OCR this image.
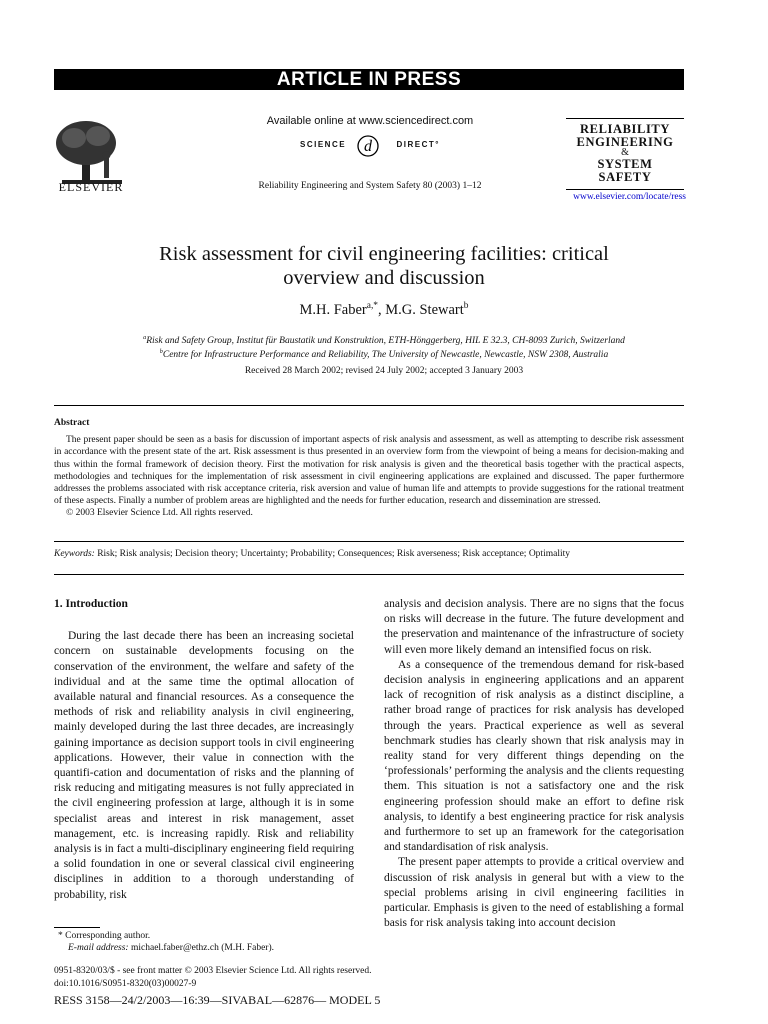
ARTICLE IN PRESS
ELSEVIER
Available online at www.sciencedirect.com
SCIENCE d	DIRECT°
Reliability Engineering and System Safety 80 (2003) 1–12
RELIABILITY
ENGINEERING
&
SYSTEM
SAFETY
www.elsevier.com/locate/ress
Risk assessment for civil engineering facilities: critical
overview and discussion
M.H. Faber$^{a,*}$, M.G. Stewart$^b$
$^a$Risk and Safety Group, Institut für Baustatik und Konstruktion, ETH-Hönggerberg, HIL E 32.3, CH-8093 Zurich, Switzerland
$^b$Centre for Infrastructure Performance and Reliability, The University of Newcastle, Newcastle, NSW 2308, Australia
Received 28 March 2002; revised 24 July 2002; accepted 3 January 2003
Abstract

The present paper should be seen as a basis for discussion of important aspects of risk analysis and assessment, as well as attempting to describe risk assessment in accordance with the present state of the art. Risk assessment is thus presented in an overview form from the viewpoint of being a means for decision-making and thus within the formal framework of decision theory. First the motivation for risk analysis is given and the theoretical basis together with the practical aspects, methodologies and techniques for the implementation of risk assessment in civil engineering applications are explained and discussed. The paper furthermore addresses the problems associated with risk acceptance criteria, risk aversion and value of human life and attempts to provide suggestions for the rational treatment of these aspects. Finally a number of problem areas are highlighted and the needs for further education, research and dissemination are stressed.

© 2003 Elsevier Science Ltd. All rights reserved.

Keywords: Risk; Risk analysis; Decision theory; Uncertainty; Probability; Consequences; Risk averseness; Risk acceptance; Optimality

1. Introduction

During the last decade there has been an increasing societal concern on sustainable developments focusing on the conservation of the environment, the welfare and safety of the individual and at the same time the optimal allocation of available natural and financial resources. As a consequence the methods of risk and reliability analysis in civil engineering, mainly developed during the last three decades, are increasingly gaining importance as decision support tools in civil engineering applications. However, their value in connection with the quantifi-cation and documentation of risks and the planning of risk reducing and mitigating measures is not fully appreciated in the civil engineering profession at large, although it is in some specialist areas and interest in risk management, asset management, etc. is increasing rapidly. Risk and reliability analysis is in fact a multi-disciplinary engineering field requiring a solid foundation in one or several classical civil engineering disciplines in addition to a thorough understanding of probability, risk

analysis and decision analysis. There are no signs that the focus on risks will decrease in the future. The future development and the preservation and maintenance of the infrastructure of society will even more likely demand an intensified focus on risk.

As a consequence of the tremendous demand for risk-based decision analysis in engineering applications and an apparent lack of recognition of risk analysis as a distinct discipline, a rather broad range of practices for risk analysis has developed through the years. Practical experience as well as several benchmark studies has clearly shown that risk analysis may in reality stand for very different things depending on the ‘professionals’ performing the analysis and the clients requesting them. This situation is not a satisfactory one and the risk engineering profession should make an effort to define risk analysis, to identify a best engineering practice for risk analysis and furthermore to set up an framework for the categorisation and standardisation of risk analysis.

The present paper attempts to provide a critical overview and discussion of risk analysis in general but with a view to the special problems arising in civil engineering facilities in particular. Emphasis is given to the need of establishing a formal basis for risk analysis taking into account decision

* Corresponding author.
E-mail address: michael.faber@ethz.ch (M.H. Faber).
0951-8320/03/$ - see front matter © 2003 Elsevier Science Ltd. All rights reserved.
doi:10.1016/S0951-8320(03)00027-9
RESS 3158—24/2/2003—16:39—SIVABAL—62876— MODEL 5
